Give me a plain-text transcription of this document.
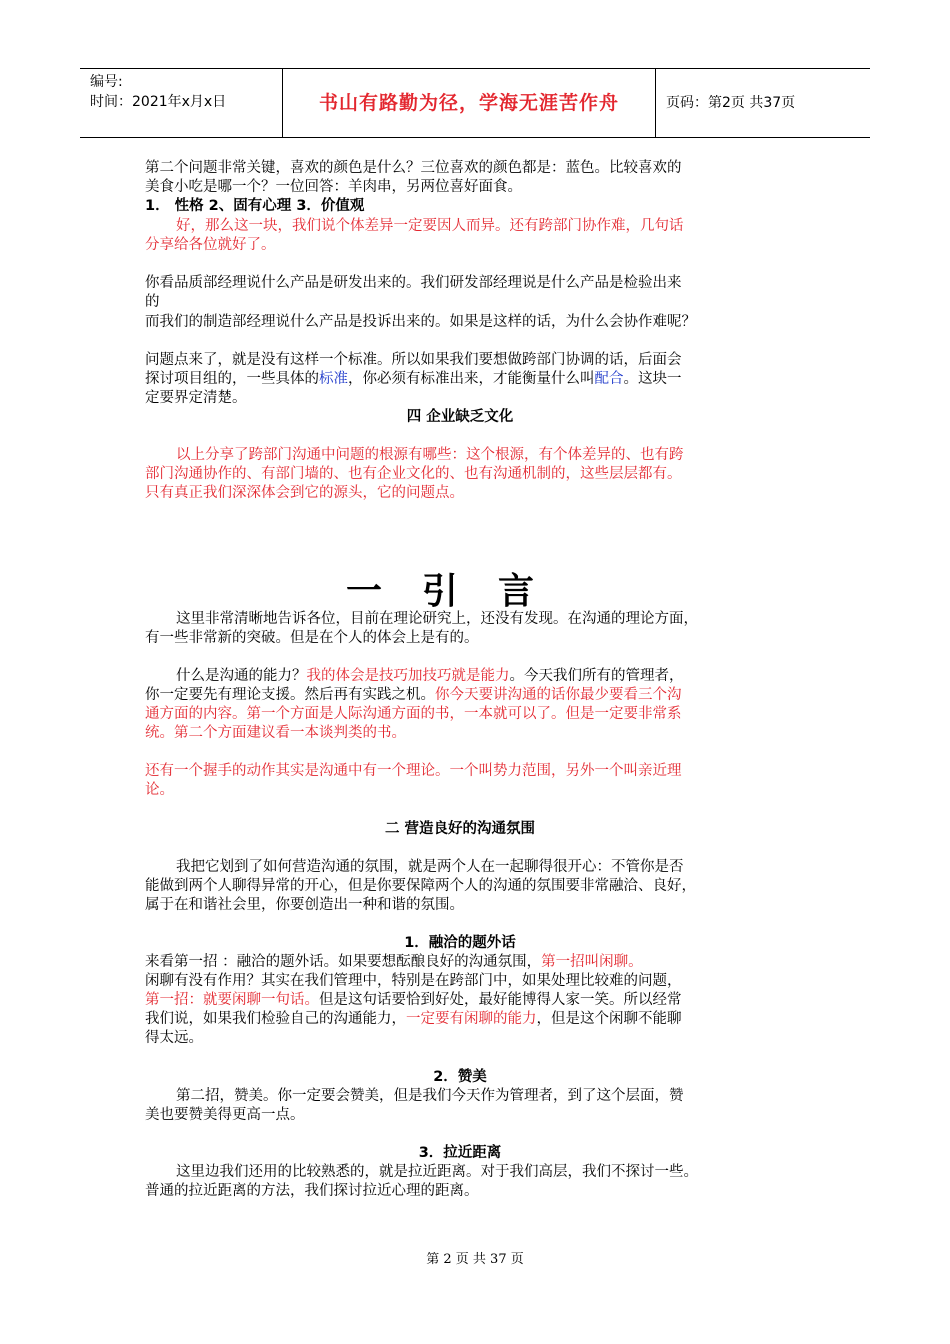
编号:
时间：2021年x月x日	书山有路勤为径，学海无涯苦作舟	页码：第2页 共37页
第二个问题非常关键，喜欢的颜色是什么？三位喜欢的颜色都是：蓝色。比较喜欢的
美食小吃是哪一个？一位回答：羊肉串，另两位喜好面食。
1． 性格 2、固有心理 3．价值观
好，那么这一块，我们说个体差异一定要因人而异。还有跨部门协作难，几句话
分享给各位就好了。
你看品质部经理说什么产品是研发出来的。我们研发部经理说是什么产品是检验出来
的
而我们的制造部经理说什么产品是投诉出来的。如果是这样的话，为什么会协作难呢？
问题点来了，就是没有这样一个标准。所以如果我们要想做跨部门协调的话，后面会
探讨项目组的，一些具体的标准，你必须有标准出来，才能衡量什么叫配合。这块一
定要界定清楚。
四 企业缺乏文化
以上分享了跨部门沟通中问题的根源有哪些：这个根源，有个体差异的、也有跨
部门沟通协作的、有部门墙的、也有企业文化的、也有沟通机制的，这些层层都有。
只有真正我们深深体会到它的源头，它的问题点。
一引言
这里非常清晰地告诉各位，目前在理论研究上，还没有发现。在沟通的理论方面，
有一些非常新的突破。但是在个人的体会上是有的。
什么是沟通的能力？我的体会是技巧加技巧就是能力。今天我们所有的管理者，
你一定要先有理论支援。然后再有实践之机。你今天要讲沟通的话你最少要看三个沟
通方面的内容。第一个方面是人际沟通方面的书，一本就可以了。但是一定要非常系
统。第二个方面建议看一本谈判类的书。
还有一个握手的动作其实是沟通中有一个理论。一个叫势力范围，另外一个叫亲近理
论。
二 营造良好的沟通氛围
我把它划到了如何营造沟通的氛围，就是两个人在一起聊得很开心：不管你是否
能做到两个人聊得异常的开心，但是你要保障两个人的沟通的氛围要非常融洽、良好，
属于在和谐社会里，你要创造出一种和谐的氛围。
1．融洽的题外话
来看第一招 ：融洽的题外话。如果要想酝酿良好的沟通氛围，第一招叫闲聊。
闲聊有没有作用？其实在我们管理中，特别是在跨部门中，如果处理比较难的问题，
第一招：就要闲聊一句话。但是这句话要恰到好处，最好能博得人家一笑。所以经常
我们说，如果我们检验自己的沟通能力，一定要有闲聊的能力，但是这个闲聊不能聊
得太远。
2．赞美
第二招，赞美。你一定要会赞美，但是我们今天作为管理者，到了这个层面，赞
美也要赞美得更高一点。
3．拉近距离
这里边我们还用的比较熟悉的，就是拉近距离。对于我们高层，我们不探讨一些。
普通的拉近距离的方法，我们探讨拉近心理的距离。
第 2 页 共 37 页
